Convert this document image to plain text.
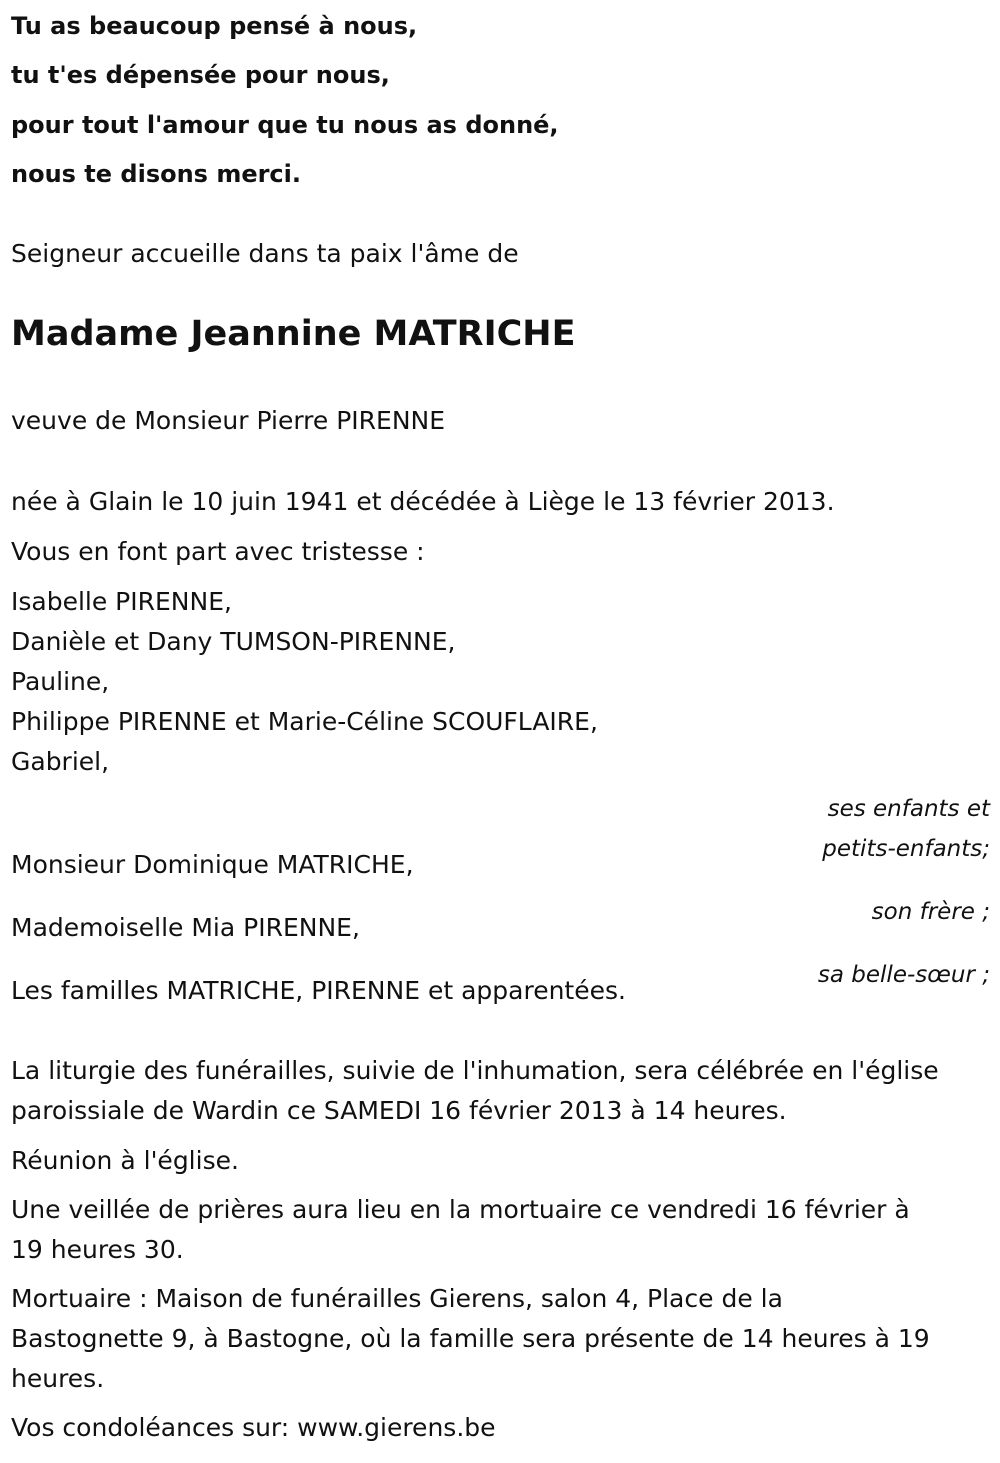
Tu as beaucoup pensé à nous,

tu t'es dépensée pour nous,

pour tout l'amour que tu nous as donné,

nous te disons merci.

Seigneur accueille dans ta paix l'âme de

Madame Jeannine MATRICHE

veuve de Monsieur Pierre PIRENNE

née à Glain le 10 juin 1941 et décédée à Liège le 13 février 2013.

Vous en font part avec tristesse :

Isabelle PIRENNE,

Danièle et Dany TUMSON-PIRENNE,

Pauline,

Philippe PIRENNE et Marie-Céline SCOUFLAIRE,

Gabriel,

ses enfants et

petits-enfants;

Monsieur Dominique MATRICHE,

son frère ;

Mademoiselle Mia PIRENNE,

sa belle-sœur ;

Les familles MATRICHE, PIRENNE et apparentées.

La liturgie des funérailles, suivie de l'inhumation, sera célébrée en l'église

paroissiale de Wardin ce SAMEDI 16 février 2013 à 14 heures.

Réunion à l'église.

Une veillée de prières aura lieu en la mortuaire ce vendredi 16 février à

19 heures 30.

Mortuaire : Maison de funérailles Gierens, salon 4, Place de la

Bastognette 9, à Bastogne, où la famille sera présente de 14 heures à 19

heures.

Vos condoléances sur: www.gierens.be
